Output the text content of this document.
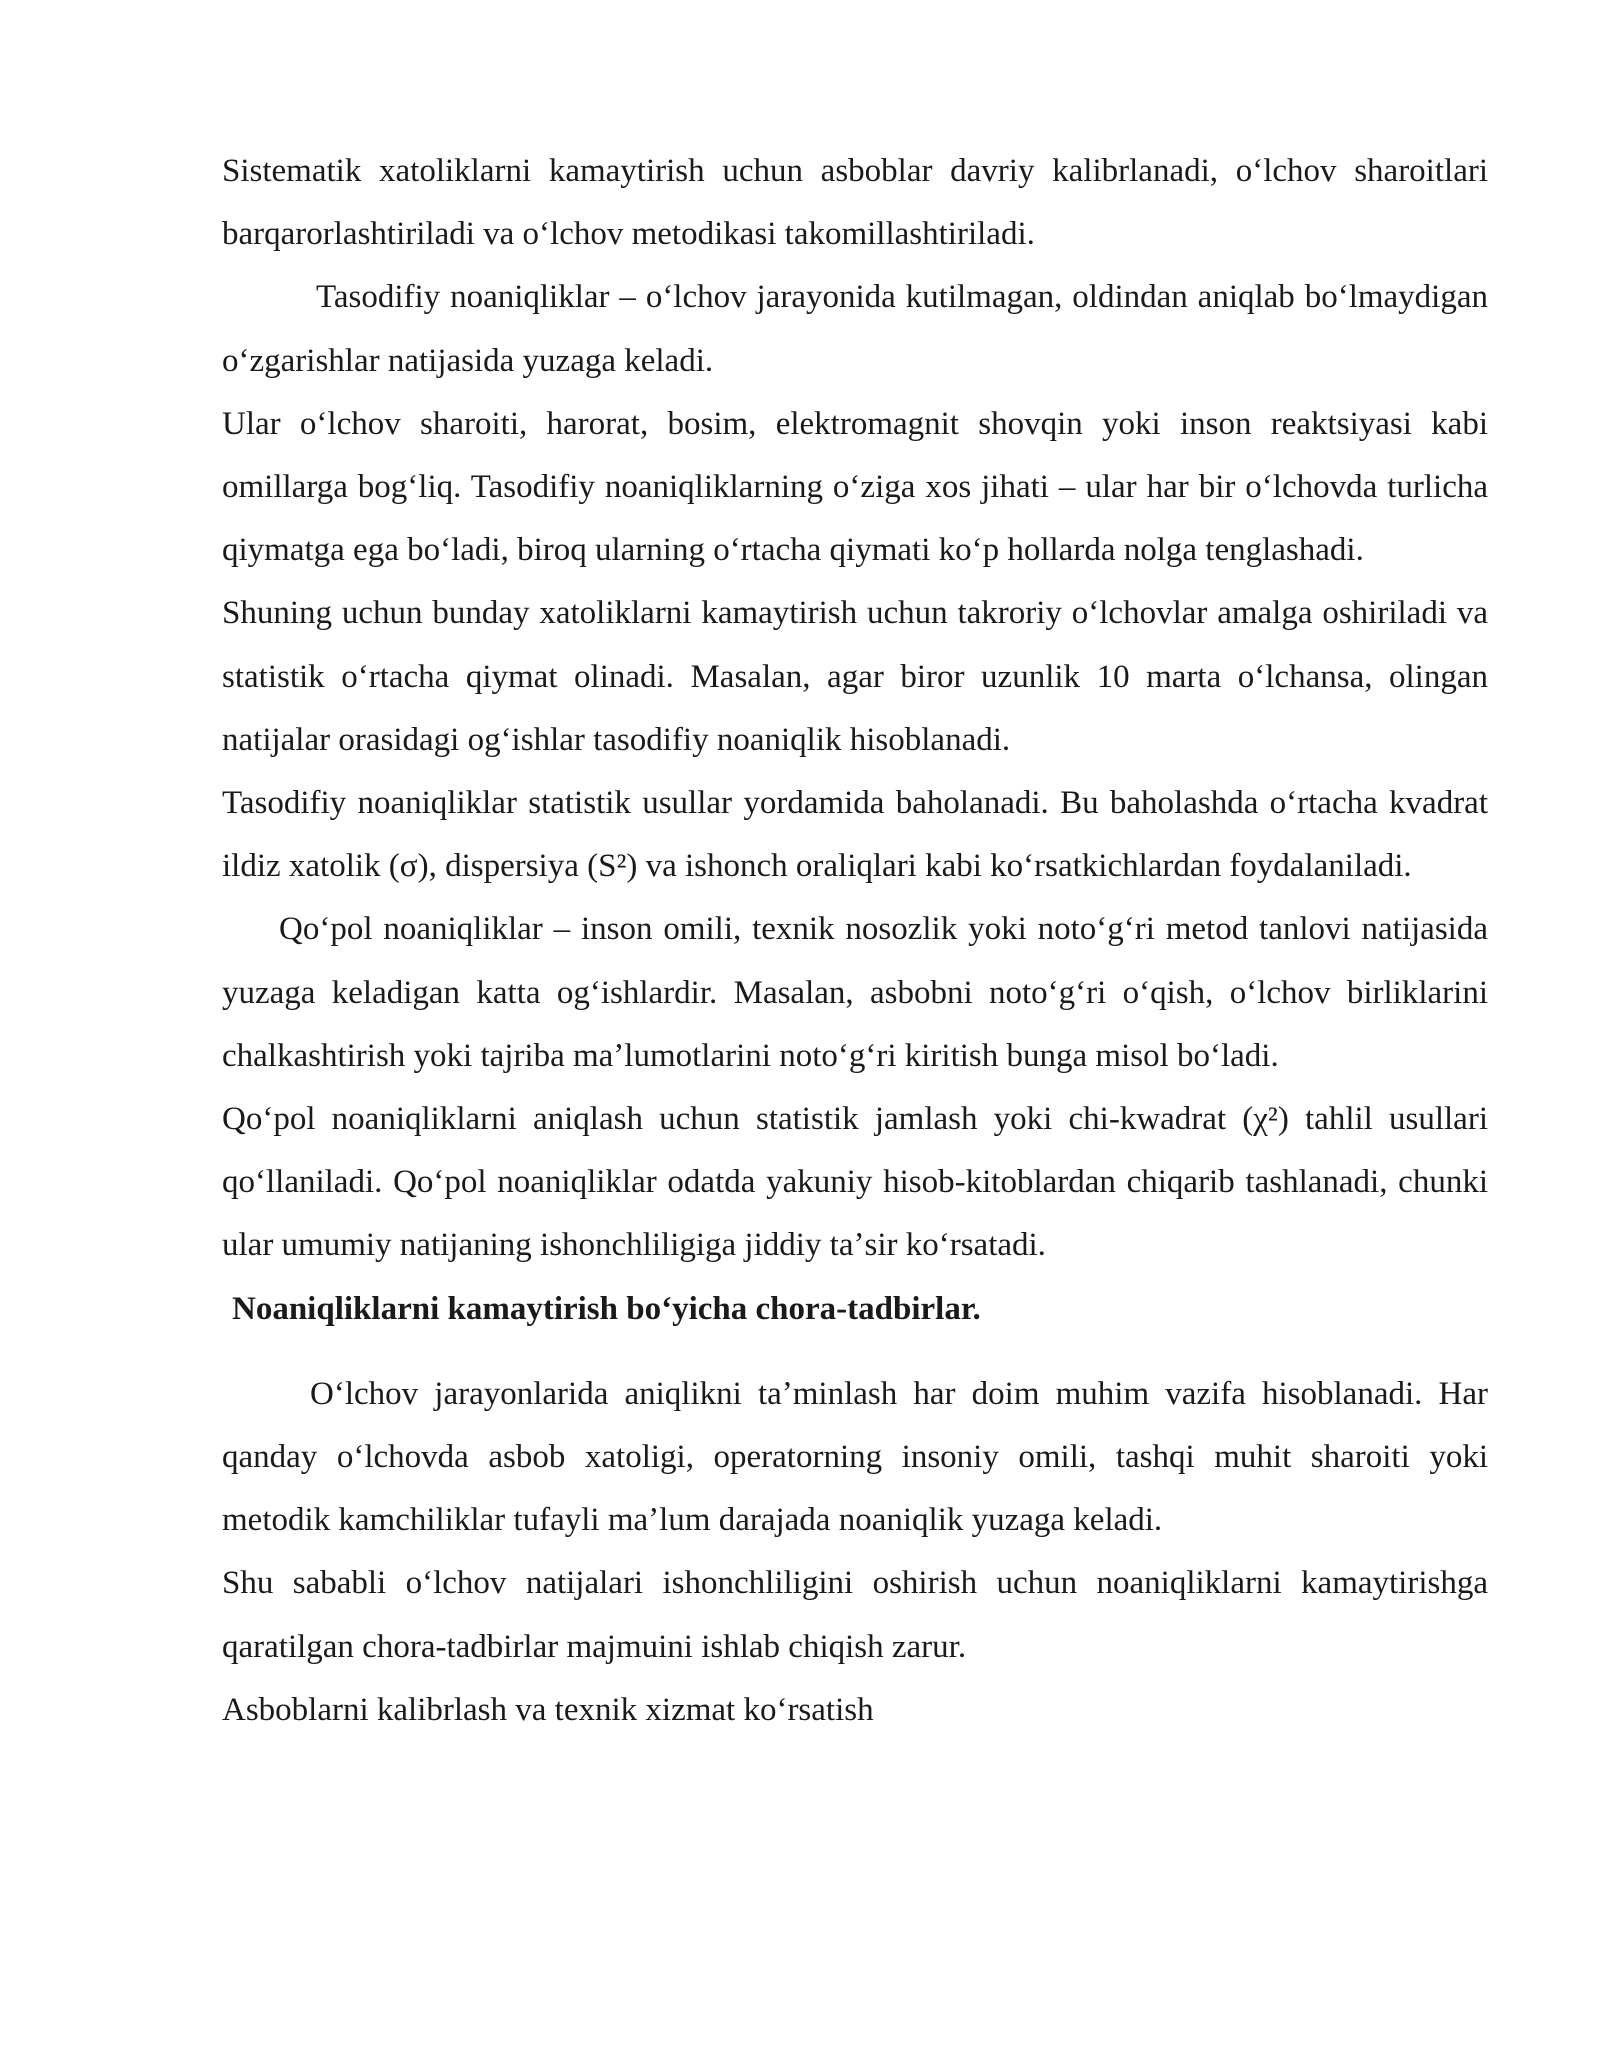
Sistematik xatoliklarni kamaytirish uchun asboblar davriy kalibrlanadi, oʻlchov sharoitlari barqarorlashtiriladi va oʻlchov metodikasi takomillashtiriladi.

Tasodifiy noaniqliklar – oʻlchov jarayonida kutilmagan, oldindan aniqlab boʻlmaydigan oʻzgarishlar natijasida yuzaga keladi.

Ular oʻlchov sharoiti, harorat, bosim, elektromagnit shovqin yoki inson reaktsiyasi kabi omillarga bogʻliq. Tasodifiy noaniqliklarning oʻziga xos jihati – ular har bir oʻlchovda turlicha qiymatga ega boʻladi, biroq ularning oʻrtacha qiymati koʻp hollarda nolga tenglashadi.

Shuning uchun bunday xatoliklarni kamaytirish uchun takroriy oʻlchovlar amalga oshiriladi va statistik oʻrtacha qiymat olinadi. Masalan, agar biror uzunlik 10 marta oʻlchansa, olingan natijalar orasidagi ogʻishlar tasodifiy noaniqlik hisoblanadi.

Tasodifiy noaniqliklar statistik usullar yordamida baholanadi. Bu baholashda oʻrtacha kvadrat ildiz xatolik (σ), dispersiya (S²) va ishonch oraliqlari kabi koʻrsatkichlardan foydalaniladi.

Qoʻpol noaniqliklar – inson omili, texnik nosozlik yoki notoʻgʻri metod tanlovi natijasida yuzaga keladigan katta ogʻishlardir. Masalan, asbobni notoʻgʻri oʻqish, oʻlchov birliklarini chalkashtirish yoki tajriba maʼlumotlarini notoʻgʻri kiritish bunga misol boʻladi.

Qoʻpol noaniqliklarni aniqlash uchun statistik jamlash yoki chi-kwadrat (χ²) tahlil usullari qoʻllaniladi. Qoʻpol noaniqliklar odatda yakuniy hisob-kitoblardan chiqarib tashlanadi, chunki ular umumiy natijaning ishonchliligiga jiddiy taʼsir koʻrsatadi.

Noaniqliklarni kamaytirish boʻyicha chora-tadbirlar.

Oʻlchov jarayonlarida aniqlikni taʼminlash har doim muhim vazifa hisoblanadi. Har qanday oʻlchovda asbob xatoligi, operatorning insoniy omili, tashqi muhit sharoiti yoki metodik kamchiliklar tufayli maʼlum darajada noaniqlik yuzaga keladi.

Shu sababli oʻlchov natijalari ishonchliligini oshirish uchun noaniqliklarni kamaytirishga qaratilgan chora-tadbirlar majmuini ishlab chiqish zarur.

Asboblarni kalibrlash va texnik xizmat koʻrsatish
